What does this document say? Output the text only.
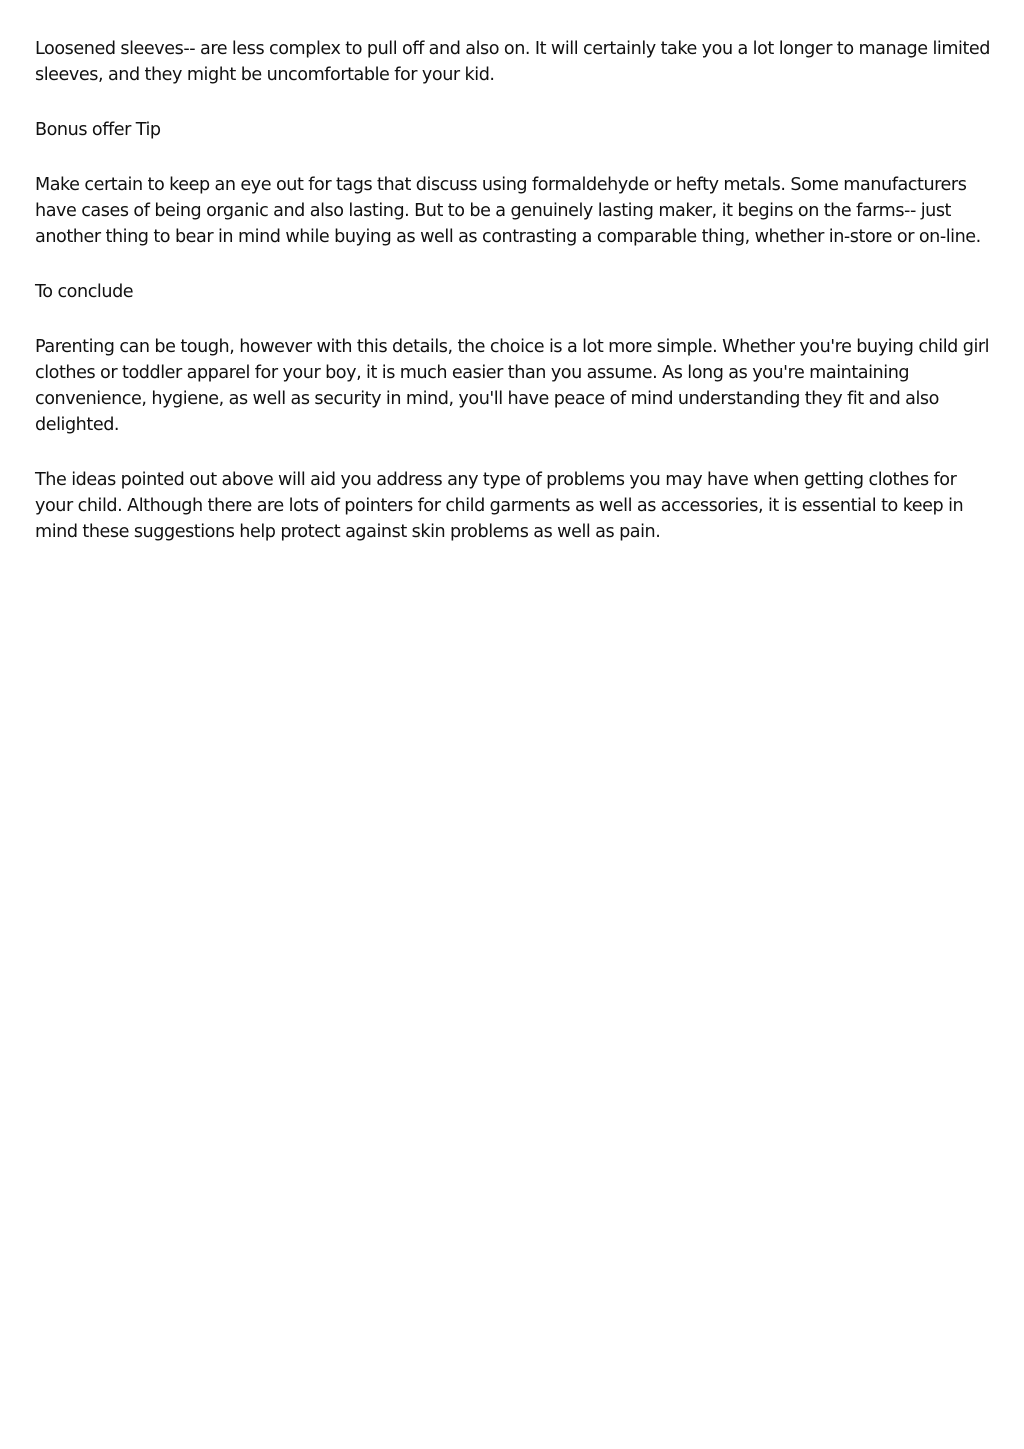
Loosened sleeves-- are less complex to pull off and also on. It will certainly take you a lot longer to manage limited sleeves, and they might be uncomfortable for your kid.

Bonus offer Tip

Make certain to keep an eye out for tags that discuss using formaldehyde or hefty metals. Some manufacturers have cases of being organic and also lasting. But to be a genuinely lasting maker, it begins on the farms-- just another thing to bear in mind while buying as well as contrasting a comparable thing, whether in-store or on-line.

To conclude

Parenting can be tough, however with this details, the choice is a lot more simple. Whether you're buying child girl clothes or toddler apparel for your boy, it is much easier than you assume. As long as you're maintaining convenience, hygiene, as well as security in mind, you'll have peace of mind understanding they fit and also delighted.

The ideas pointed out above will aid you address any type of problems you may have when getting clothes for your child. Although there are lots of pointers for child garments as well as accessories, it is essential to keep in mind these suggestions help protect against skin problems as well as pain.
